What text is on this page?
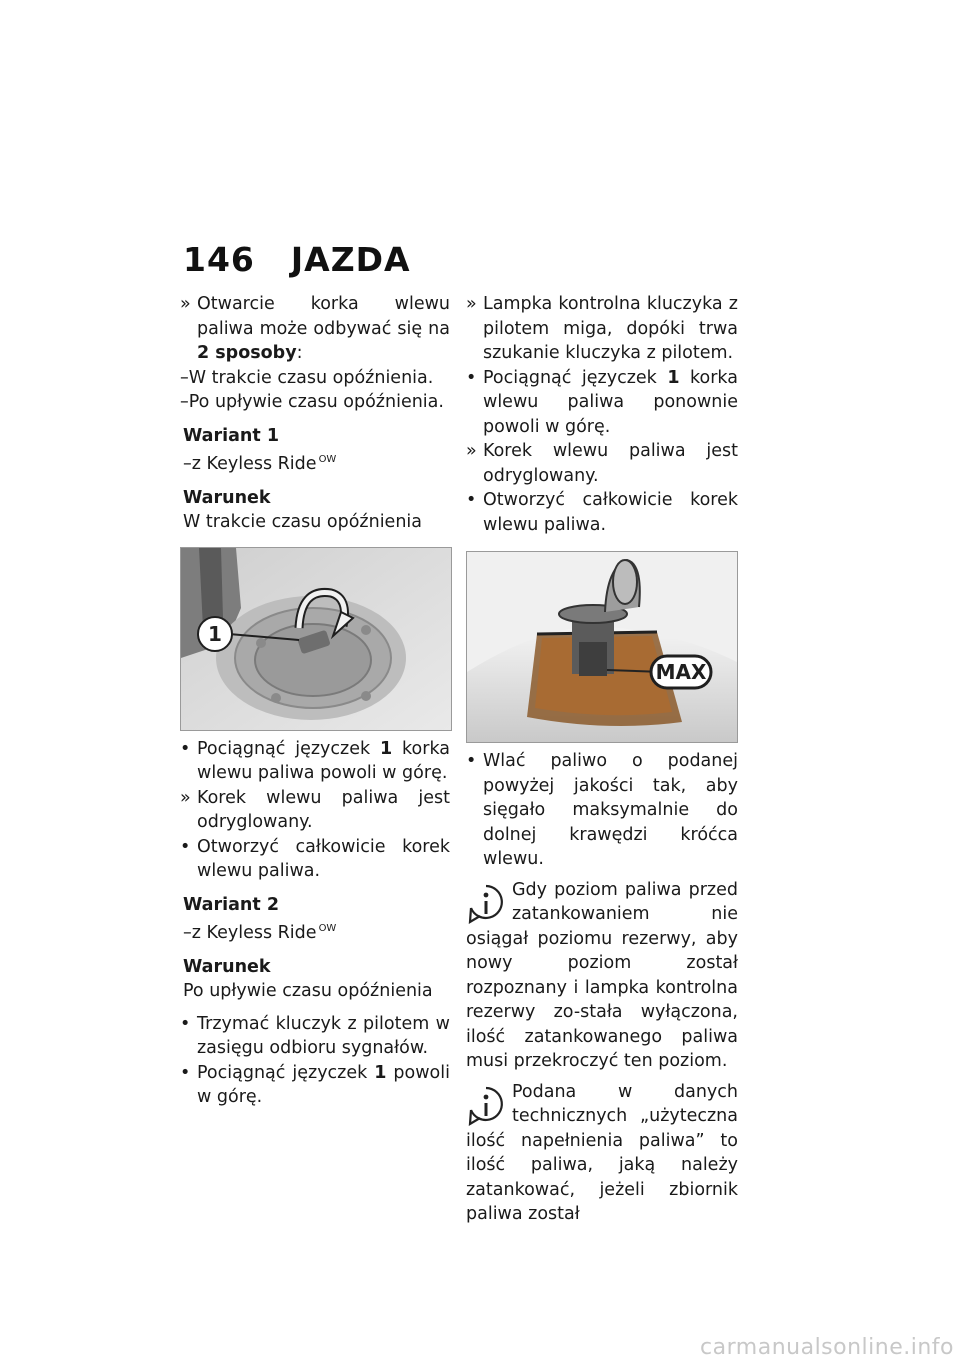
146 JAZDA
» Otwarcie korka wlewu paliwa może odbywać się na 2 sposoby:
–W trakcie czasu opóźnienia.
–Po upływie czasu opóźnienia.
Wariant 1
–z Keyless Ride $^{OW}$
Warunek
W trakcie czasu opóźnienia
1
• Pociągnąć języczek 1 korka wlewu paliwa powoli w górę.
» Korek wlewu paliwa jest odryglowany.
• Otworzyć całkowicie korek wlewu paliwa.
Wariant 2
–z Keyless Ride $^{OW}$
Warunek
Po upływie czasu opóźnienia
• Trzymać kluczyk z pilotem w zasięgu odbioru sygnałów.
• Pociągnąć języczek 1 powoli w górę.
» Lampka kontrolna kluczyka z pilotem miga, dopóki trwa szukanie kluczyka z pilotem.
• Pociągnąć języczek 1 korka wlewu paliwa ponownie powoli w górę.
» Korek wlewu paliwa jest odryglowany.
• Otworzyć całkowicie korek wlewu paliwa.
MAX
• Wlać paliwo o podanej powyżej jakości tak, aby sięgało maksymalnie do dolnej krawędzi króćca wlewu.
Gdy poziom paliwa przed zatankowaniem nie osiągał poziomu rezerwy, aby nowy poziom został rozpoznany i lampka kontrolna rezerwy zo-stała wyłączona, ilość zatankowanego paliwa musi przekroczyć ten poziom.
Podana w danych technicznych „użyteczna ilość napełnienia paliwa” to ilość paliwa, jaką należy zatankować, jeżeli zbiornik paliwa został
carmanualsonline.info
